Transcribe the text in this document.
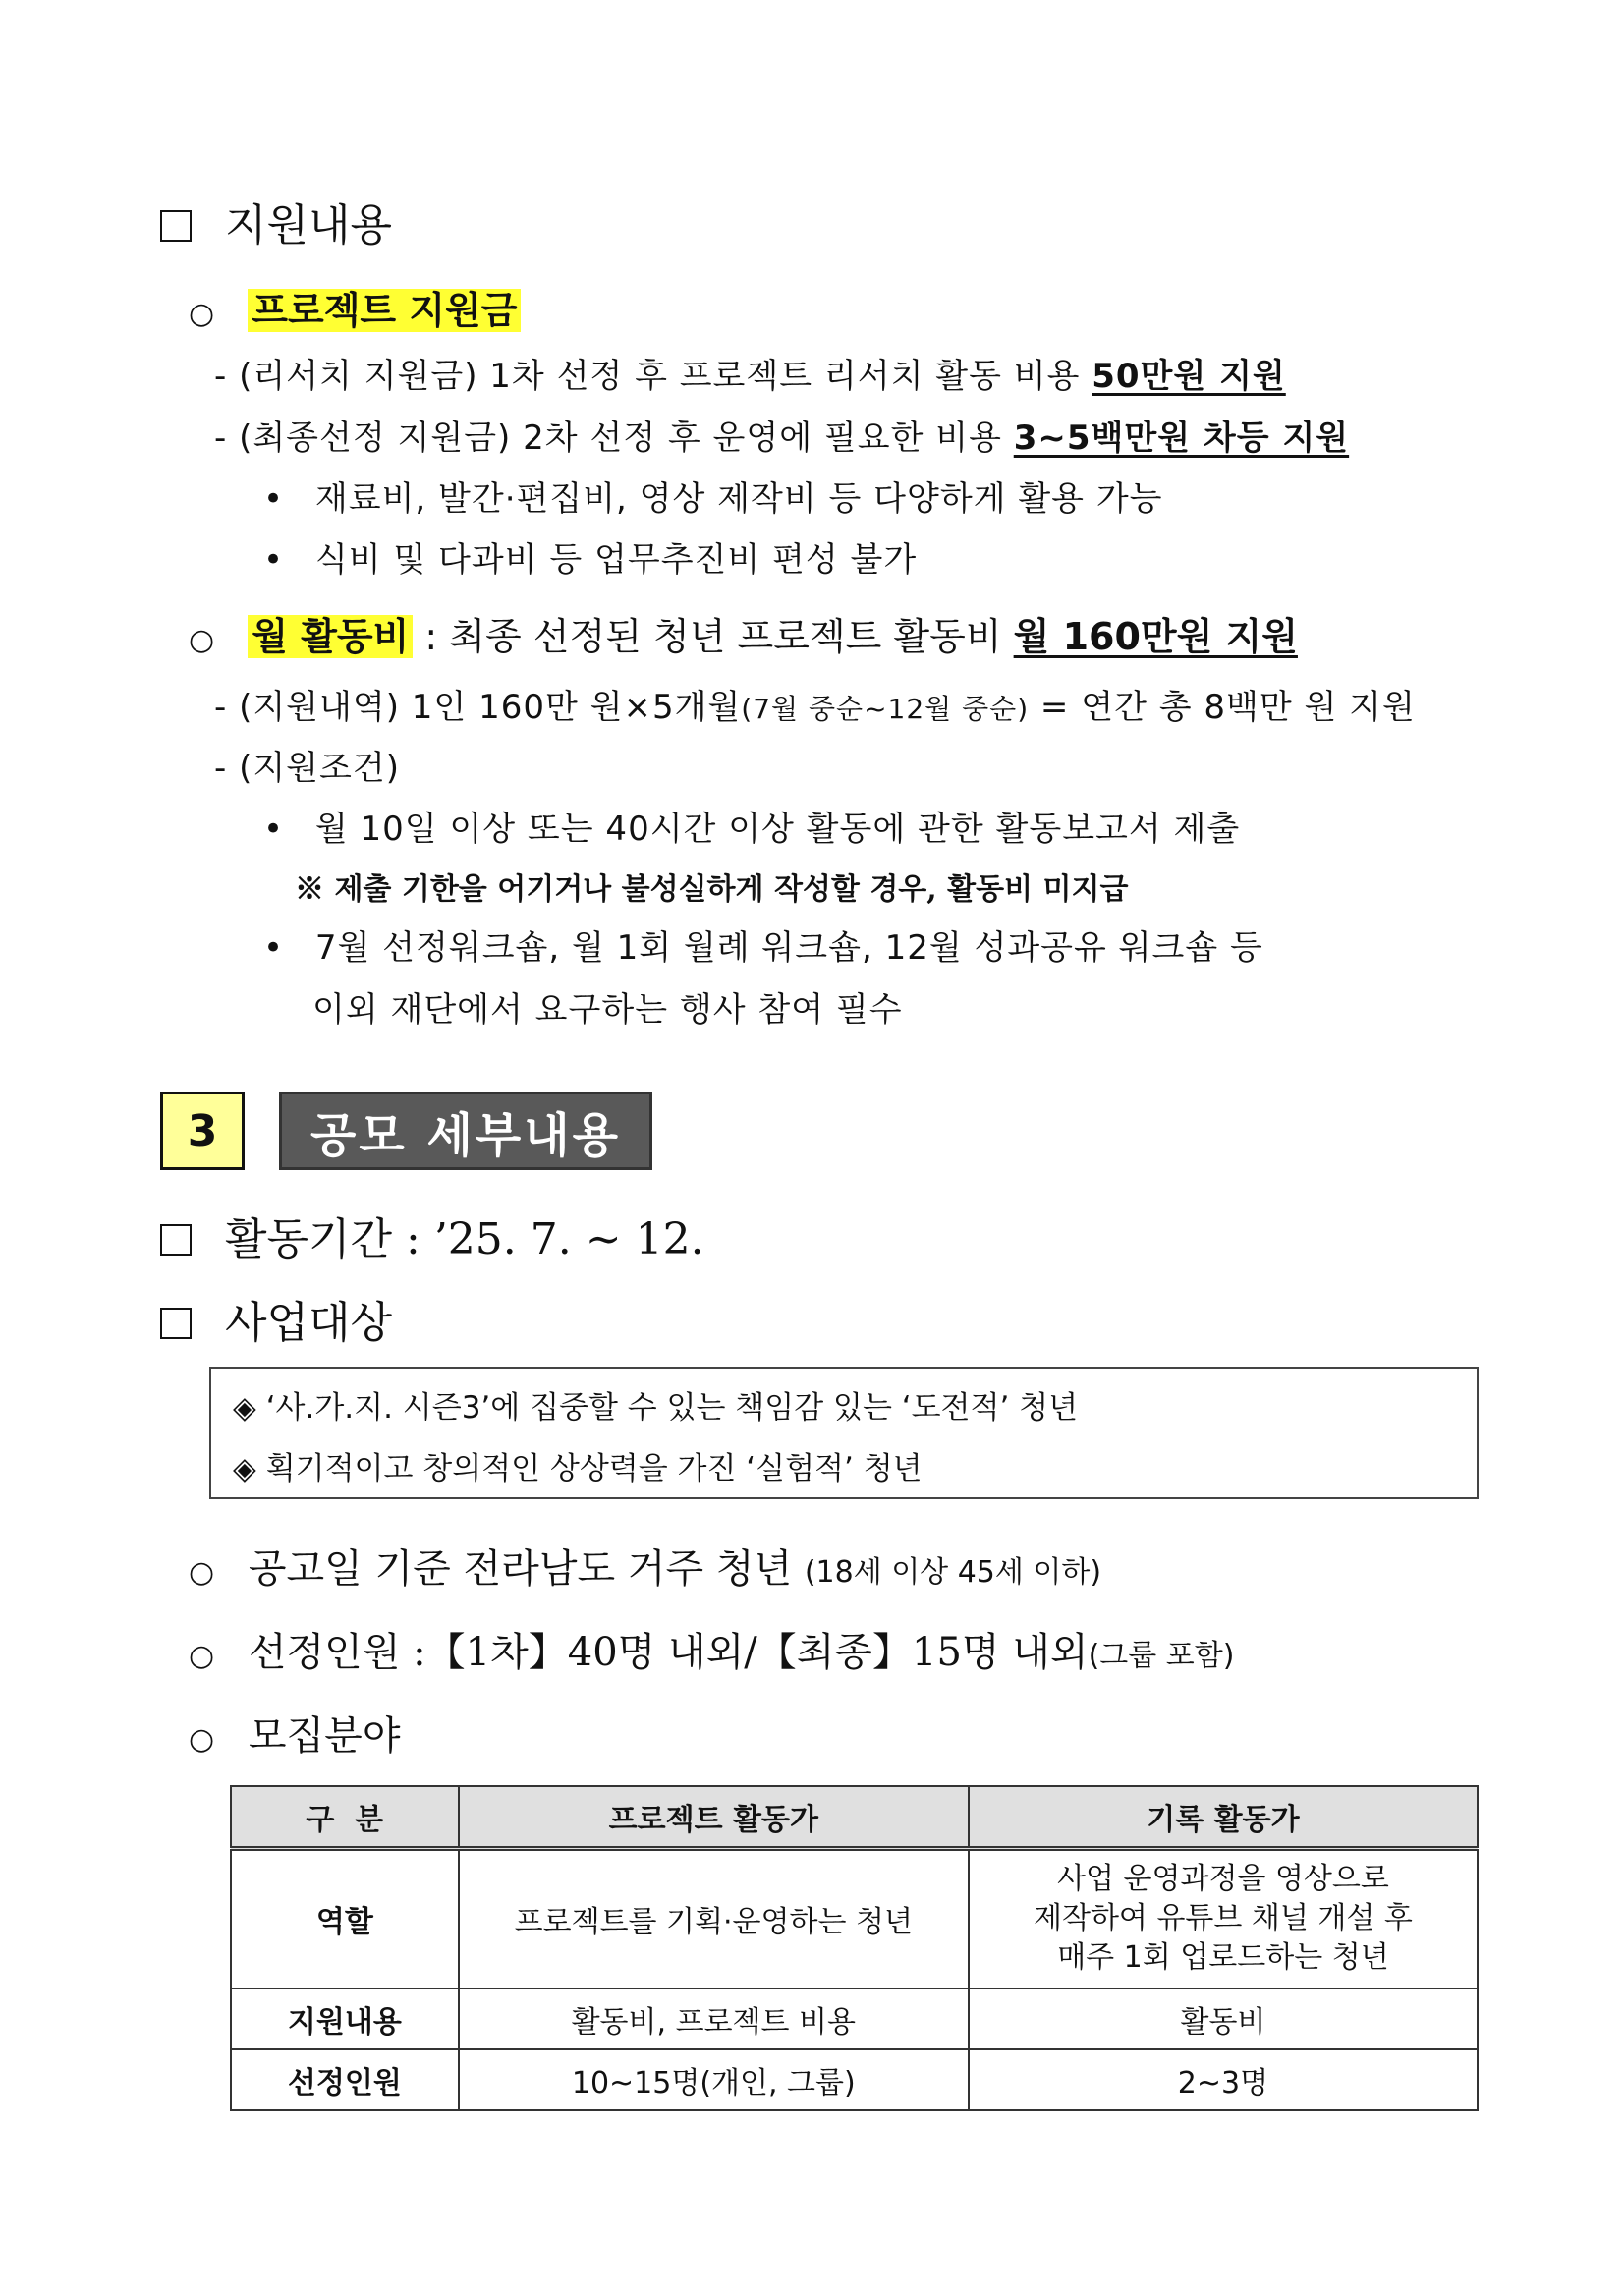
지원내용
○ 프로젝트 지원금
- (리서치 지원금) 1차 선정 후 프로젝트 리서치 활동 비용 50만원 지원
- (최종선정 지원금) 2차 선정 후 운영에 필요한 비용 3~5백만원 차등 지원
• 재료비, 발간·편집비, 영상 제작비 등 다양하게 활용 가능
• 식비 및 다과비 등 업무추진비 편성 불가
○ 월 활동비 : 최종 선정된 청년 프로젝트 활동비 월 160만원 지원
- (지원내역) 1인 160만 원×5개월(7월 중순~12월 중순) = 연간 총 8백만 원 지원
- (지원조건)
• 월 10일 이상 또는 40시간 이상 활동에 관한 활동보고서 제출
※ 제출 기한을 어기거나 불성실하게 작성할 경우, 활동비 미지급
• 7월 선정워크숍, 월 1회 월례 워크숍, 12월 성과공유 워크숍 등
이외 재단에서 요구하는 행사 참여 필수
3	공모 세부내용
활동기간 : ’25. 7. ~ 12.
사업대상
◈ ‘사.가.지. 시즌3’에 집중할 수 있는 책임감 있는 ‘도전적’ 청년
◈ 획기적이고 창의적인 상상력을 가진 ‘실험적’ 청년
○ 공고일 기준 전라남도 거주 청년 (18세 이상 45세 이하)
○ 선정인원 :【1차】40명 내외/【최종】15명 내외(그룹 포함)
○ 모집분야
구  분	프로젝트 활동가	기록 활동가
역할	프로젝트를 기획·운영하는 청년	사업 운영과정을 영상으로
제작하여 유튜브 채널 개설 후
매주 1회 업로드하는 청년

지원내용	활동비, 프로젝트 비용	활동비
선정인원	10~15명(개인, 그룹)	2~3명
